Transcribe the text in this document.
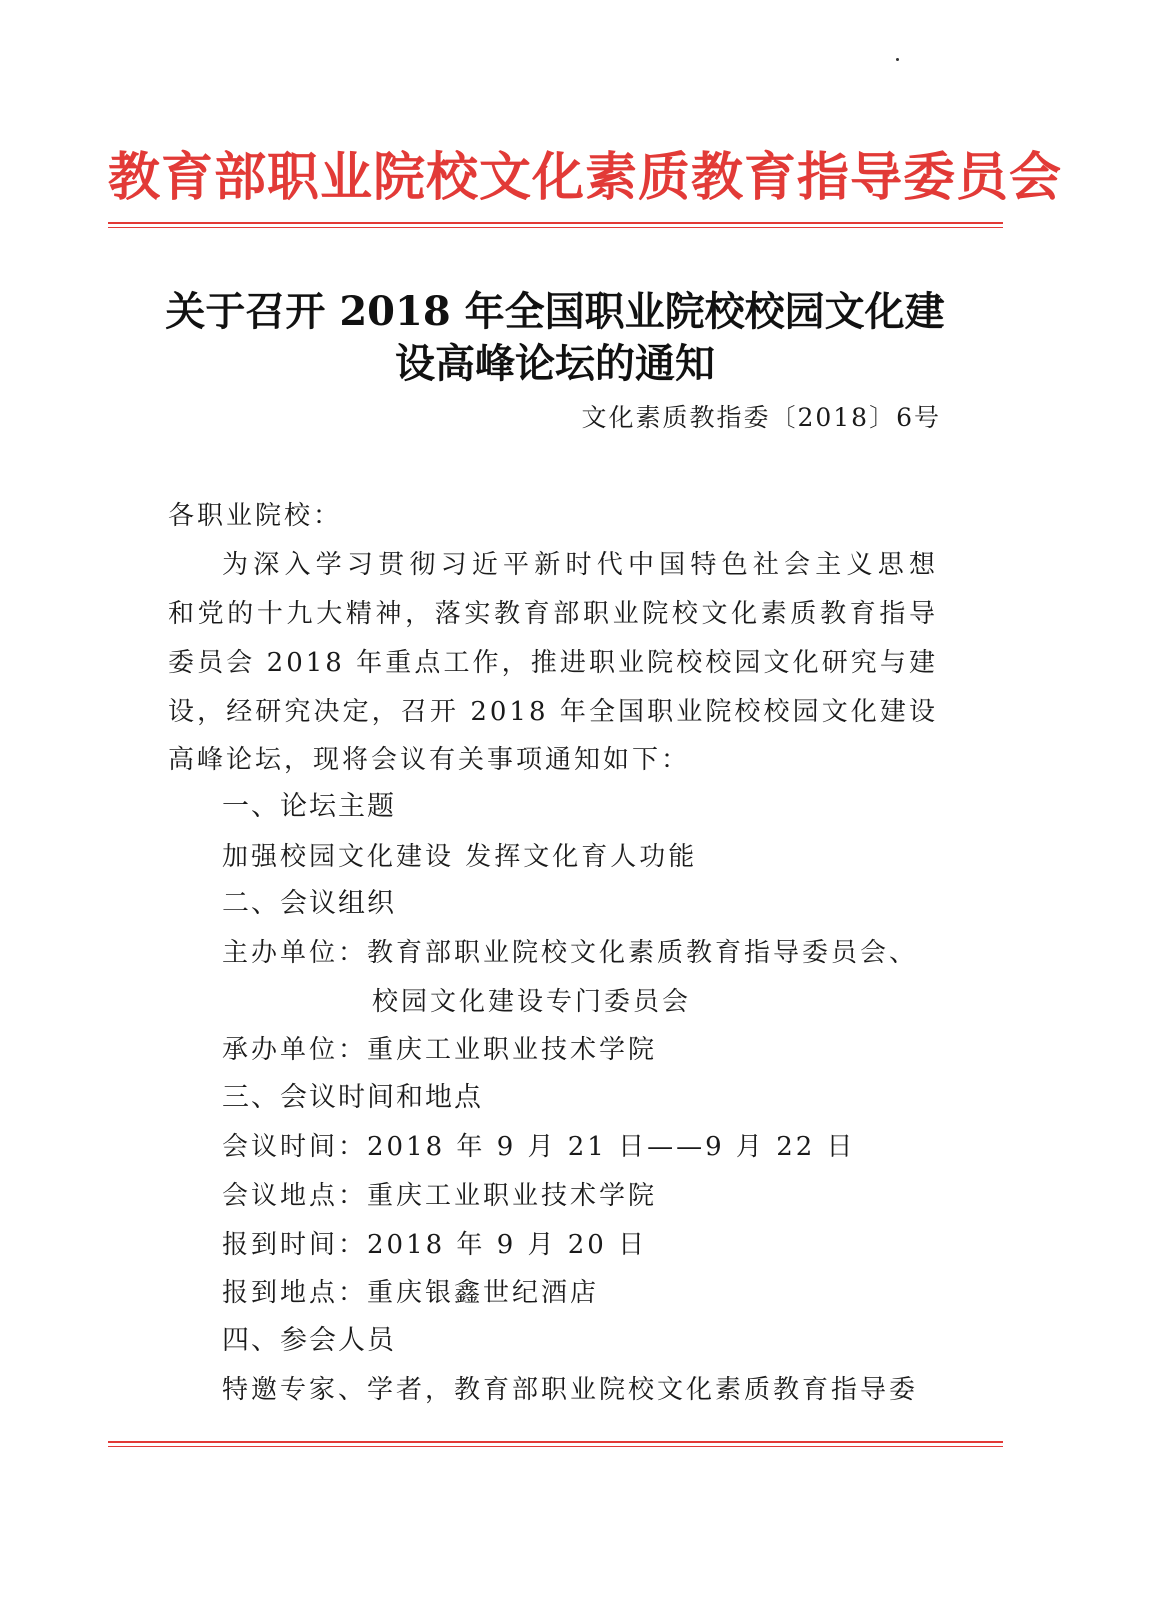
教育部职业院校文化素质教育指导委员会
关于召开 2018 年全国职业院校校园文化建
设高峰论坛的通知
文化素质教指委〔2018〕6号
各职业院校：
为深入学习贯彻习近平新时代中国特色社会主义思想
和党的十九大精神，落实教育部职业院校文化素质教育指导
委员会 2018 年重点工作，推进职业院校校园文化研究与建
设，经研究决定，召开 2018 年全国职业院校校园文化建设
高峰论坛，现将会议有关事项通知如下：
一、论坛主题
加强校园文化建设 发挥文化育人功能
二、会议组织
主办单位：教育部职业院校文化素质教育指导委员会、
校园文化建设专门委员会
承办单位：重庆工业职业技术学院
三、会议时间和地点
会议时间：2018 年 9 月 21 日——9 月 22 日
会议地点：重庆工业职业技术学院
报到时间：2018 年 9 月 20 日
报到地点：重庆银鑫世纪酒店
四、参会人员
特邀专家、学者，教育部职业院校文化素质教育指导委
